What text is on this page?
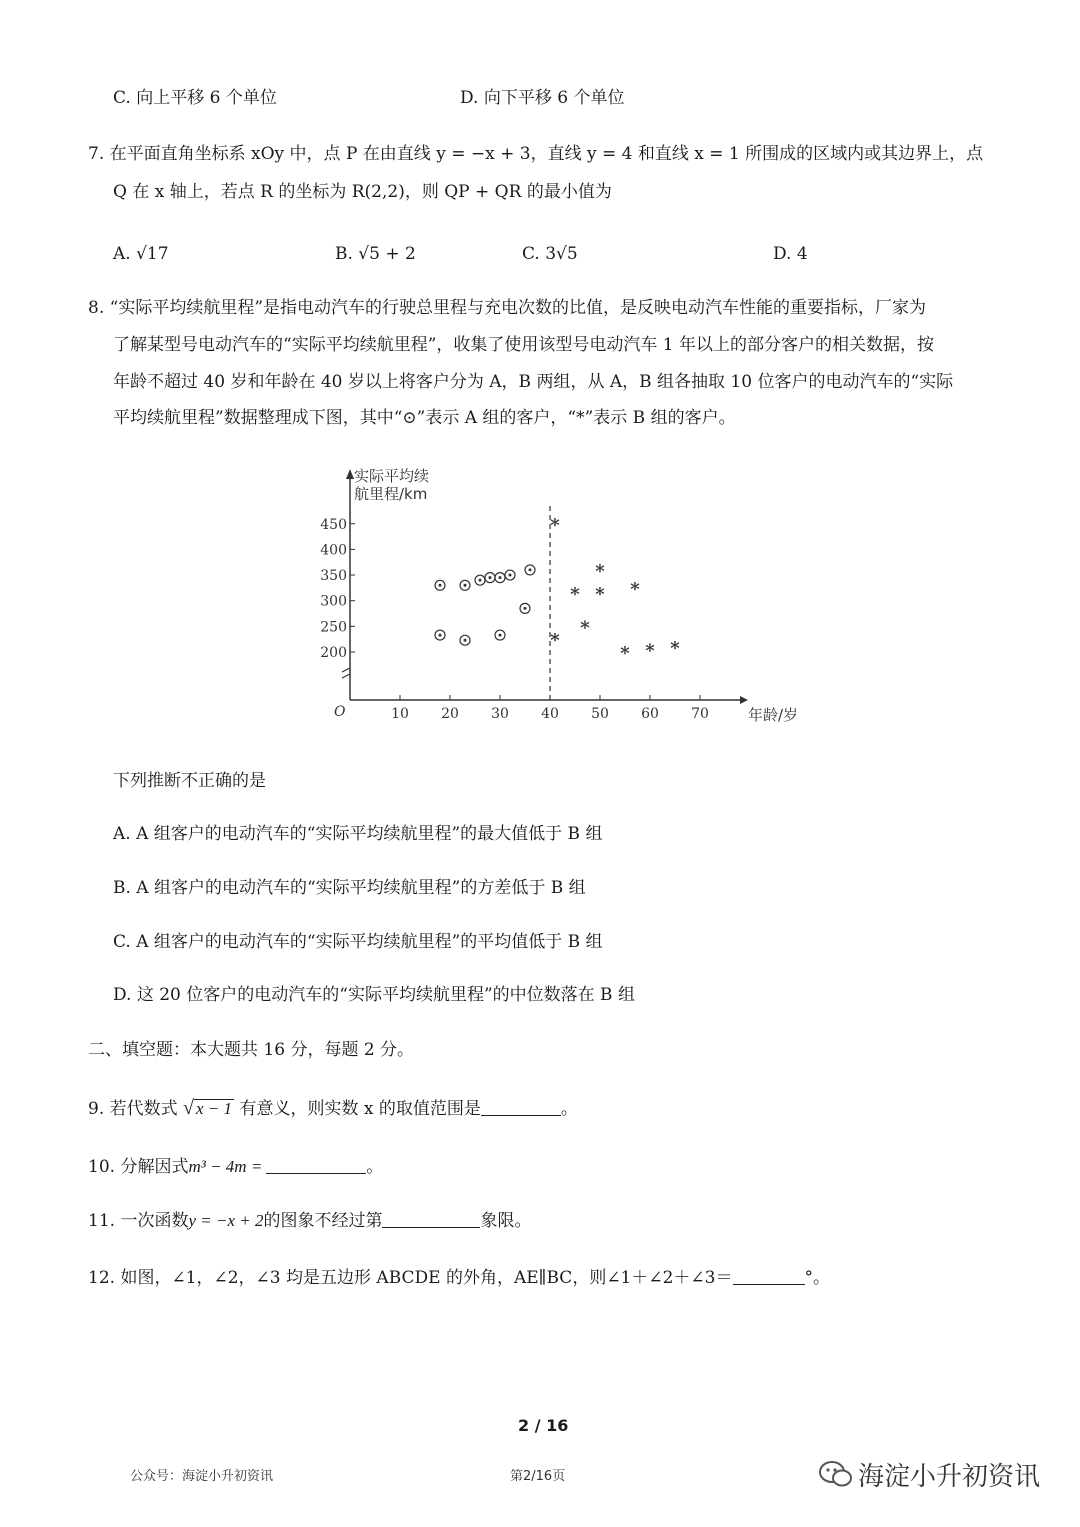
C. 向上平移 6 个单位	D. 向下平移 6 个单位
7. 在平面直角坐标系 xOy 中，点 P 在由直线 y = −x + 3，直线 y = 4 和直线 x = 1 所围成的区域内或其边界上，点
Q 在 x 轴上，若点 R 的坐标为 R(2,2)，则 QP + QR 的最小值为
A. √17	B. √5 + 2	C. 3√5	D. 4
8. “实际平均续航里程”是指电动汽车的行驶总里程与充电次数的比值，是反映电动汽车性能的重要指标，厂家为
了解某型号电动汽车的“实际平均续航里程”，收集了使用该型号电动汽车 1 年以上的部分客户的相关数据，按
年龄不超过 40 岁和年龄在 40 岁以上将客户分为 A，B 两组，从 A，B 组各抽取 10 位客户的电动汽车的“实际
平均续航里程”数据整理成下图，其中“⊙”表示 A 组的客户，“*”表示 B 组的客户。
实际平均续
航里程/km
年龄/岁
O	10 20 30 40 50 60 70
200
250
300
350
400
450	*
*
*
* *
*
*
* * *
下列推断不正确的是
A. A 组客户的电动汽车的“实际平均续航里程”的最大值低于 B 组
B. A 组客户的电动汽车的“实际平均续航里程”的方差低于 B 组
C. A 组客户的电动汽车的“实际平均续航里程”的平均值低于 B 组
D. 这 20 位客户的电动汽车的“实际平均续航里程”的中位数落在 B 组
二、填空题：本大题共 16 分，每题 2 分。
9. 若代数式 √ x − 1 有意义，则实数 x 的取值范围是	。
10. 分解因式m³ − 4m =	。
11. 一次函数y = −x + 2的图象不经过第	象限。
12. 如图，∠1，∠2，∠3 均是五边形 ABCDE 的外角，AE∥BC，则∠1＋∠2＋∠3＝	°。
2 / 16
公众号：海淀小升初资讯	第2/16页	海淀小升初资讯
